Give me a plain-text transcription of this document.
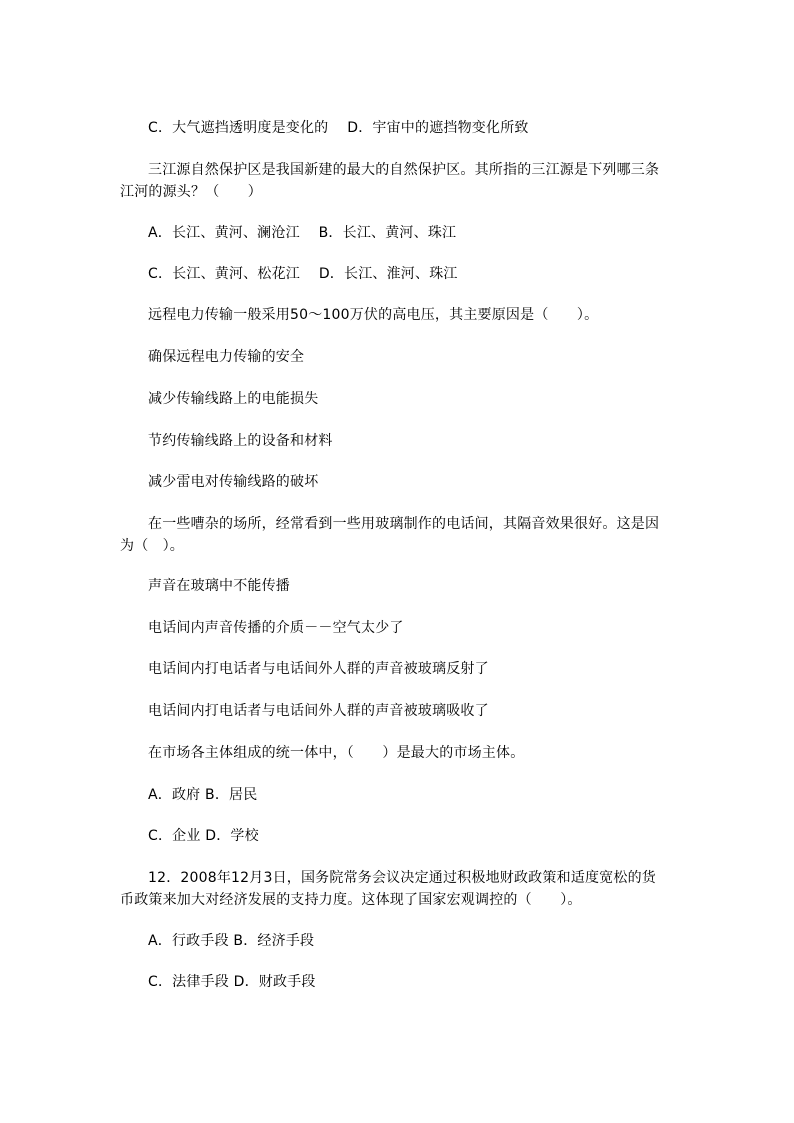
C．大气遮挡透明度是变化的　 D．宇宙中的遮挡物变化所致
三江源自然保护区是我国新建的最大的自然保护区。其所指的三江源是下列哪三条江河的源头？（　　）
A．长江、黄河、澜沧江　 B．长江、黄河、珠江
C．长江、黄河、松花江　 D．长江、淮河、珠江
远程电力传输一般采用50～100万伏的高电压，其主要原因是（　　）。
确保远程电力传输的安全
减少传输线路上的电能损失
节约传输线路上的设备和材料
减少雷电对传输线路的破坏
在一些嘈杂的场所，经常看到一些用玻璃制作的电话间，其隔音效果很好。这是因为（　）。
声音在玻璃中不能传播
电话间内声音传播的介质－－空气太少了
电话间内打电话者与电话间外人群的声音被玻璃反射了
电话间内打电话者与电话间外人群的声音被玻璃吸收了
在市场各主体组成的统一体中，（　　）是最大的市场主体。
A．政府 B．居民
C．企业 D．学校
12．2008年12月3日，国务院常务会议决定通过积极地财政政策和适度宽松的货币政策来加大对经济发展的支持力度。这体现了国家宏观调控的（　　）。
A．行政手段 B．经济手段
C．法律手段 D．财政手段
